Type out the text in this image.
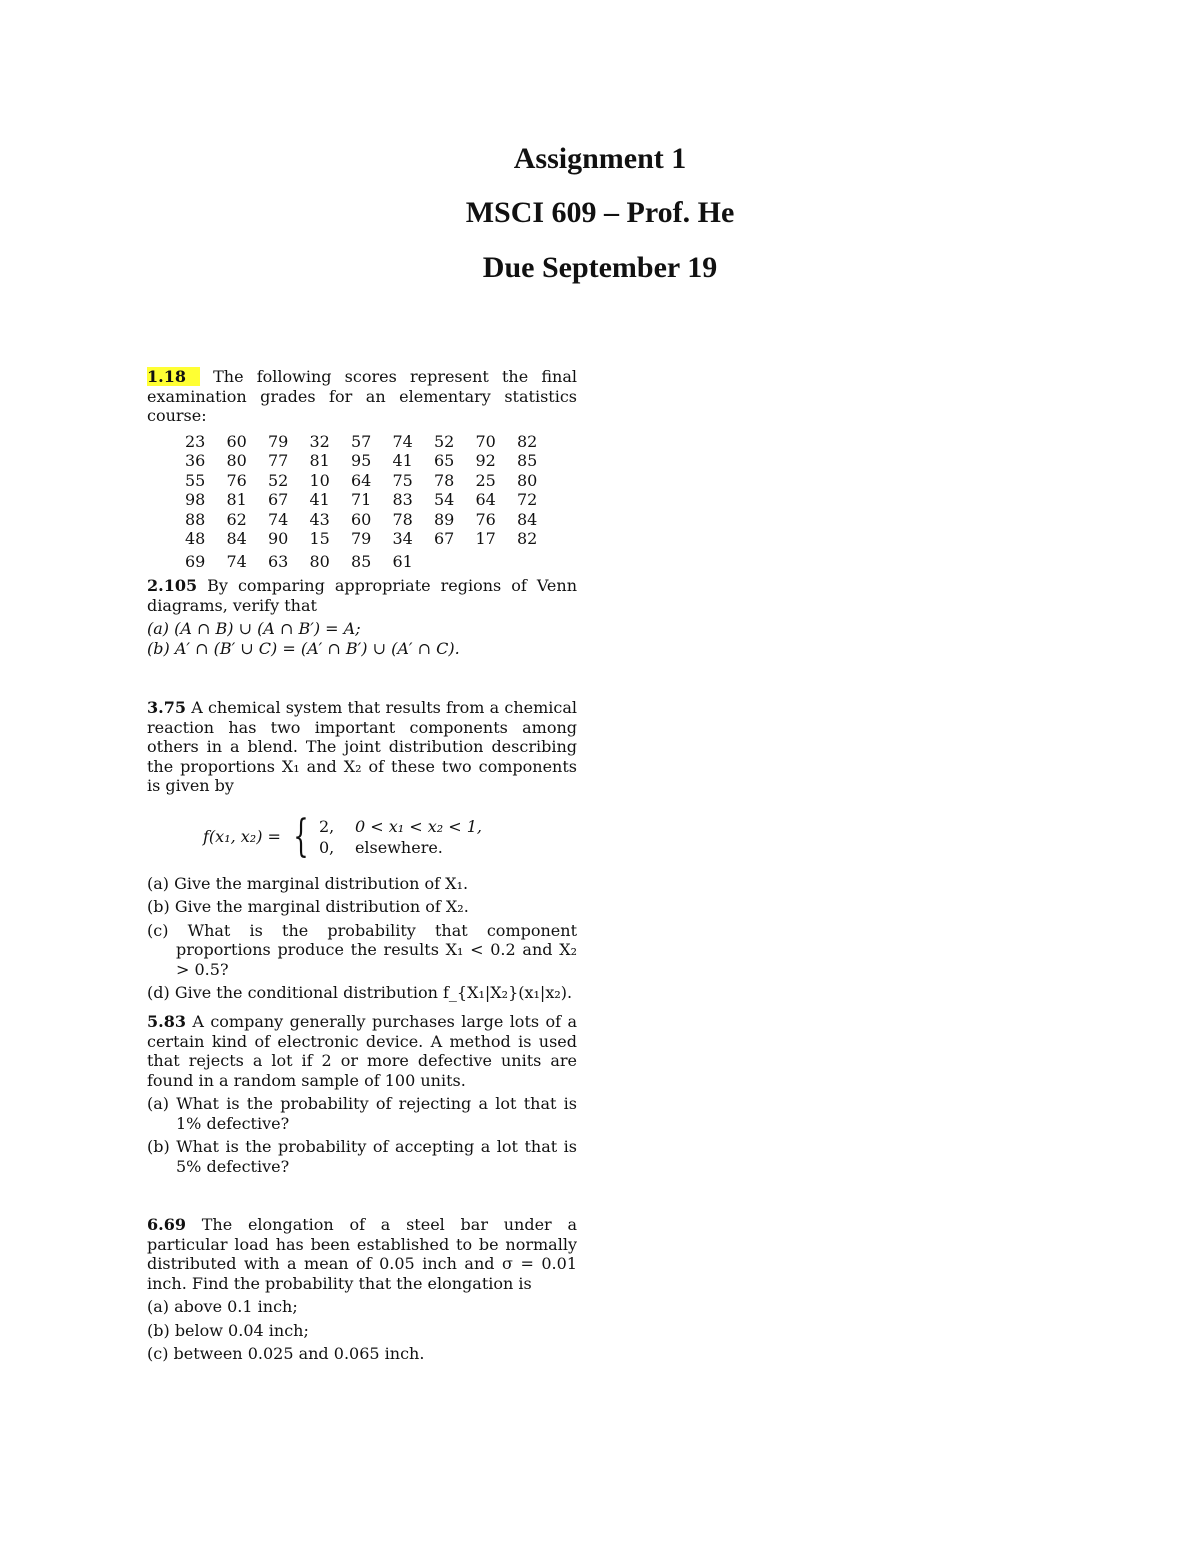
Assignment 1
MSCI 609 – Prof. He
Due September 19
1.18 The following scores represent the final examination grades for an elementary statistics course:
23	60	79	32	57	74	52	70	82
36	80	77	81	95	41	65	92	85
55	76	52	10	64	75	78	25	80
98	81	67	41	71	83	54	64	72
88	62	74	43	60	78	89	76	84
48	84	90	15	79	34	67	17	82
69	74	63	80	85	61			
2.105 By comparing appropriate regions of Venn diagrams, verify that
(a) (A ∩ B) ∪ (A ∩ B′) = A;
(b) A′ ∩ (B′ ∪ C) = (A′ ∩ B′) ∪ (A′ ∩ C).
3.75 A chemical system that results from a chemical reaction has two important components among others in a blend. The joint distribution describing the proportions X₁ and X₂ of these two components is given by
f(x₁, x₂) = { 2, 0 < x₁ < x₂ < 1,
0, elsewhere.
(a) Give the marginal distribution of X₁.
(b) Give the marginal distribution of X₂.
(c) What is the probability that component proportions produce the results X₁ < 0.2 and X₂ > 0.5?
(d) Give the conditional distribution f_{X₁|X₂}(x₁|x₂).
5.83 A company generally purchases large lots of a certain kind of electronic device. A method is used that rejects a lot if 2 or more defective units are found in a random sample of 100 units.
(a) What is the probability of rejecting a lot that is 1% defective?
(b) What is the probability of accepting a lot that is 5% defective?
6.69 The elongation of a steel bar under a particular load has been established to be normally distributed with a mean of 0.05 inch and σ = 0.01 inch. Find the probability that the elongation is
(a) above 0.1 inch;
(b) below 0.04 inch;
(c) between 0.025 and 0.065 inch.
